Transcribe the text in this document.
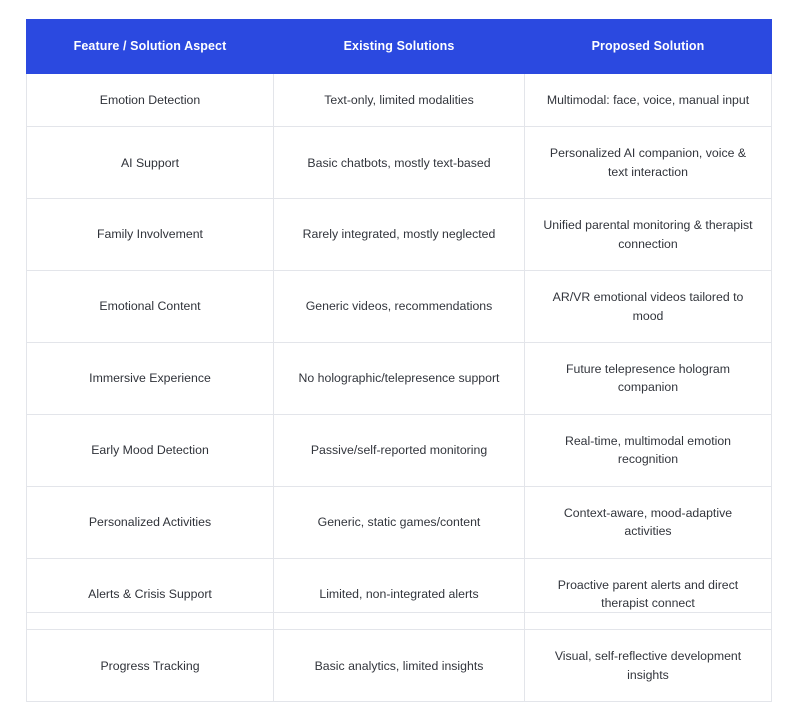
Feature / Solution Aspect	Existing Solutions	Proposed Solution
Emotion Detection	Text-only, limited modalities	Multimodal: face, voice, manual input
AI Support	Basic chatbots, mostly text-based	Personalized AI companion, voice & text interaction
Family Involvement	Rarely integrated, mostly neglected	Unified parental monitoring & therapist connection
Emotional Content	Generic videos, recommendations	AR/VR emotional videos tailored to mood
Immersive Experience	No holographic/telepresence support	Future telepresence hologram companion
Early Mood Detection	Passive/self-reported monitoring	Real-time, multimodal emotion recognition
Personalized Activities	Generic, static games/content	Context-aware, mood-adaptive activities
Alerts & Crisis Support	Limited, non-integrated alerts	Proactive parent alerts and direct therapist connect
Progress Tracking	Basic analytics, limited insights	Visual, self-reflective development insights
